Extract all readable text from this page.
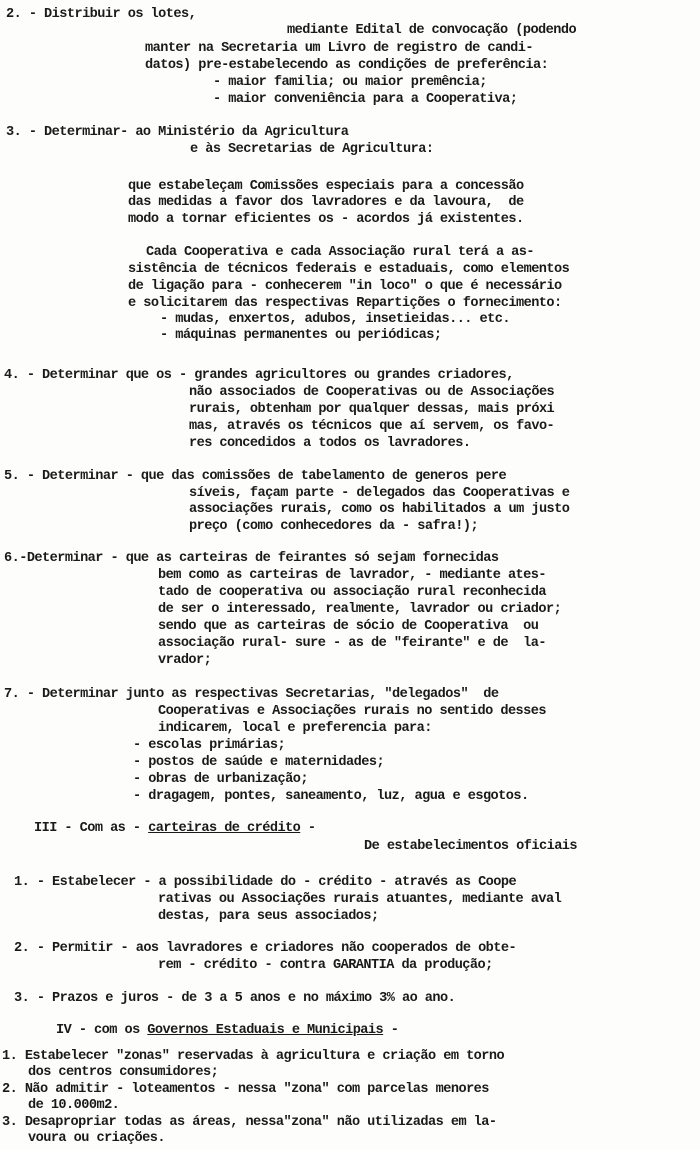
2. - Distribuir os lotes,
mediante Edital de convocação (podendo
manter na Secretaria um Livro de registro de candi-
datos) pre-estabelecendo as condições de preferência:
- maior familia; ou maior premência;
- maior conveniência para a Cooperativa;
3. - Determinar- ao Ministério da Agricultura
e às Secretarias de Agricultura:
que estabeleçam Comissões especiais para a concessão
das medidas a favor dos lavradores e da lavoura,  de
modo a tornar eficientes os - acordos já existentes.
Cada Cooperativa e cada Associação rural terá a as-
sistência de técnicos federais e estaduais, como elementos
de ligação para - conhecerem "in loco" o que é necessário
e solicitarem das respectivas Repartições o fornecimento:
- mudas, enxertos, adubos, insetieidas... etc.
- máquinas permanentes ou periódicas;
4. - Determinar que os - grandes agricultores ou grandes criadores,
não associados de Cooperativas ou de Associações
rurais, obtenham por qualquer dessas, mais próxi
mas, através os técnicos que aí servem, os favo-
res concedidos a todos os lavradores.
5. - Determinar - que das comissões de tabelamento de generos pere
síveis, façam parte - delegados das Cooperativas e
associações rurais, como os habilitados a um justo
preço (como conhecedores da - safra!);
6.-Determinar - que as carteiras de feirantes só sejam fornecidas
bem como as carteiras de lavrador, - mediante ates-
tado de cooperativa ou associação rural reconhecida
de ser o interessado, realmente, lavrador ou criador;
sendo que as carteiras de sócio de Cooperativa  ou
associação rural- sure - as de "feirante" e de  la-
vrador;
7. - Determinar junto as respectivas Secretarias, "delegados"  de
Cooperativas e Associações rurais no sentido desses
indicarem, local e preferencia para:
- escolas primárias;
- postos de saúde e maternidades;
- obras de urbanização;
- dragagem, pontes, saneamento, luz, agua e esgotos.
III - Com as - carteiras de crédito -
De estabelecimentos oficiais
1. - Estabelecer - a possibilidade do - crédito - através as Coope
rativas ou Associações rurais atuantes, mediante aval
destas, para seus associados;
2. - Permitir - aos lavradores e criadores não cooperados de obte-
rem - crédito - contra GARANTIA da produção;
3. - Prazos e juros - de 3 a 5 anos e no máximo 3% ao ano.
IV - com os Governos Estaduais e Municipais -
1. Estabelecer "zonas" reservadas à agricultura e criação em torno
dos centros consumidores;
2. Não admitir - loteamentos - nessa "zona" com parcelas menores
de 10.000m2.
3. Desapropriar todas as áreas, nessa"zona" não utilizadas em la-
voura ou criações.
